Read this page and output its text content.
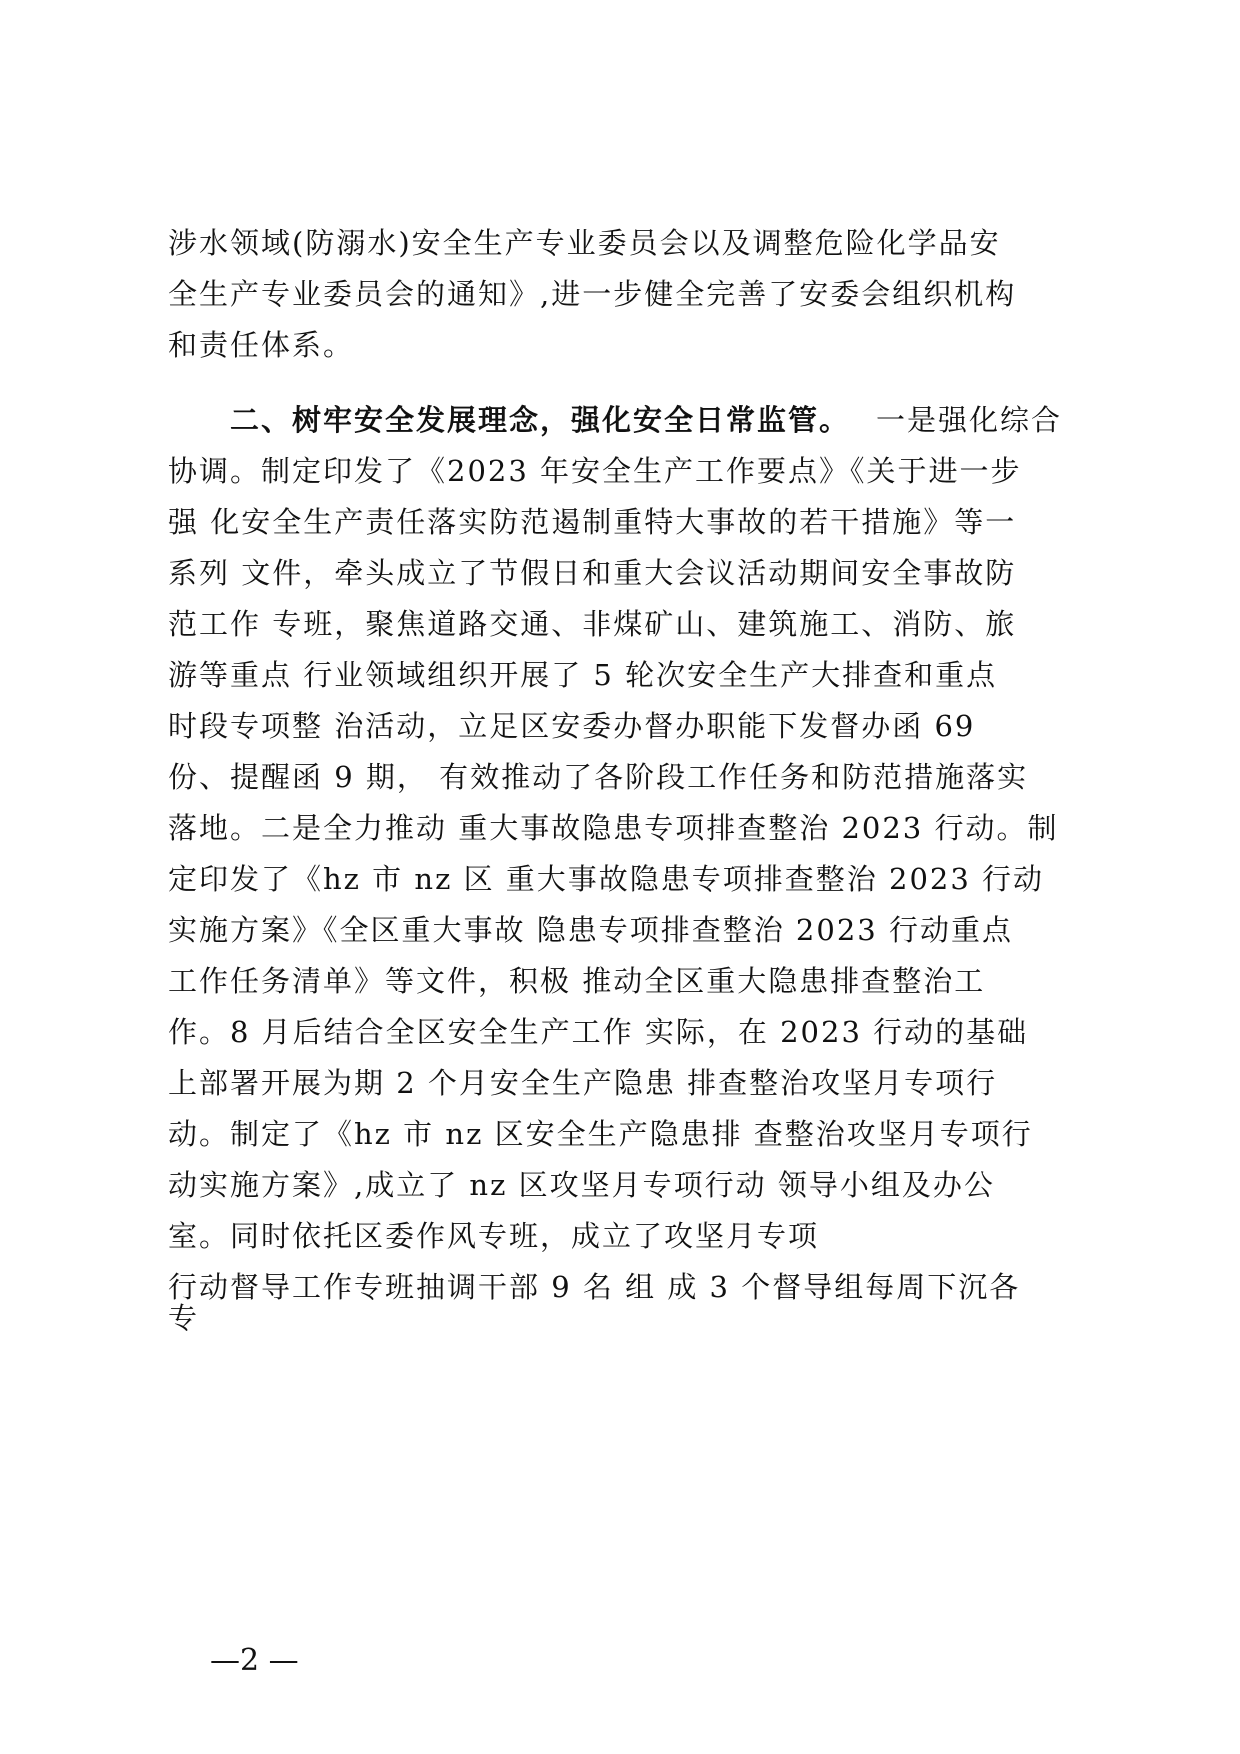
涉水领域(防溺水)安全生产专业委员会以及调整危险化学品安
全生产专业委员会的通知》,进一步健全完善了安委会组织机构
和责任体系。
二、树牢安全发展理念，强化安全日常监管。 一是强化综合
协调。制定印发了《2023 年安全生产工作要点》《关于进一步
强 化安全生产责任落实防范遏制重特大事故的若干措施》等一
系列 文件，牵头成立了节假日和重大会议活动期间安全事故防
范工作 专班，聚焦道路交通、非煤矿山、建筑施工、消防、旅
游等重点 行业领域组织开展了 5 轮次安全生产大排查和重点
时段专项整 治活动，立足区安委办督办职能下发督办函 69
份、提醒函 9 期， 有效推动了各阶段工作任务和防范措施落实
落地。二是全力推动 重大事故隐患专项排查整治 2023 行动。制
定印发了《hz 市 nz 区 重大事故隐患专项排查整治 2023 行动
实施方案》《全区重大事故 隐患专项排查整治 2023 行动重点
工作任务清单》等文件，积极 推动全区重大隐患排查整治工
作。8 月后结合全区安全生产工作 实际，在 2023 行动的基础
上部署开展为期 2 个月安全生产隐患 排查整治攻坚月专项行
动。制定了《hz 市 nz 区安全生产隐患排 查整治攻坚月专项行
动实施方案》,成立了 nz 区攻坚月专项行动 领导小组及办公
室。同时依托区委作风专班，成立了攻坚月专项
行动督导工作专班抽调干部 9 名 组 成 3 个督导组每周下沉各
专
—2 —
